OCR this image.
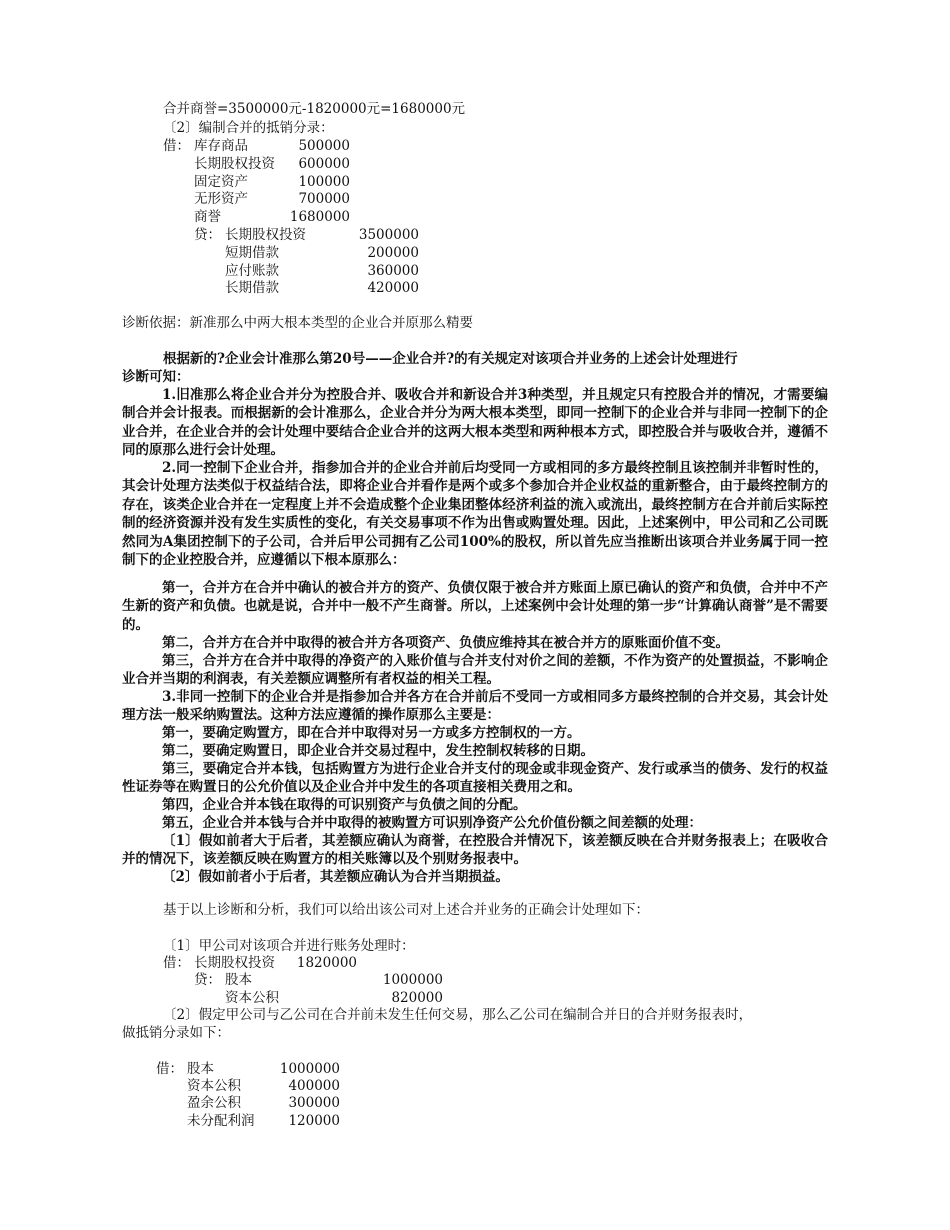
合并商誉=3500000元-1820000元=1680000元
〔2〕编制合并的抵销分录：
借： 库存商品	500000
长期股权投资 600000
固定资产	100000
无形资产	700000
商誉	1680000
贷： 长期股权投资	3500000
短期借款	200000
应付账款	360000
长期借款	420000
诊断依据：新准那么中两大根本类型的企业合并原那么精要
根据新的?企业会计准那么第20号——企业合并?的有关规定对该项合并业务的上述会计处理进行
诊断可知：
1.旧准那么将企业合并分为控股合并、吸收合并和新设合并3种类型，并且规定只有控股合并的情况，才需要编制合并会计报表。而根据新的会计准那么，企业合并分为两大根本类型，即同一控制下的企业合并与非同一控制下的企业合并，在企业合并的会计处理中要结合企业合并的这两大根本类型和两种根本方式，即控股合并与吸收合并，遵循不同的原那么进行会计处理。
2.同一控制下企业合并，指参加合并的企业合并前后均受同一方或相同的多方最终控制且该控制并非暂时性的，其会计处理方法类似于权益结合法，即将企业合并看作是两个或多个参加合并企业权益的重新整合，由于最终控制方的存在，该类企业合并在一定程度上并不会造成整个企业集团整体经济利益的流入或流出，最终控制方在合并前后实际控制的经济资源并没有发生实质性的变化，有关交易事项不作为出售或购置处理。因此，上述案例中，甲公司和乙公司既然同为A集团控制下的子公司，合并后甲公司拥有乙公司100%的股权，所以首先应当推断出该项合并业务属于同一控制下的企业控股合并，应遵循以下根本原那么：
第一，合并方在合并中确认的被合并方的资产、负债仅限于被合并方账面上原已确认的资产和负债，合并中不产生新的资产和负债。也就是说，合并中一般不产生商誉。所以，上述案例中会计处理的第一步“计算确认商誉”是不需要的。
第二，合并方在合并中取得的被合并方各项资产、负债应维持其在被合并方的原账面价值不变。
第三，合并方在合并中取得的净资产的入账价值与合并支付对价之间的差额，不作为资产的处置损益，不影响企业合并当期的利润表，有关差额应调整所有者权益的相关工程。
3.非同一控制下的企业合并是指参加合并各方在合并前后不受同一方或相同多方最终控制的合并交易，其会计处理方法一般采纳购置法。这种方法应遵循的操作原那么主要是：
第一，要确定购置方，即在合并中取得对另一方或多方控制权的一方。
第二，要确定购置日，即企业合并交易过程中，发生控制权转移的日期。
第三，要确定合并本钱，包括购置方为进行企业合并支付的现金或非现金资产、发行或承当的债务、发行的权益性证券等在购置日的公允价值以及企业合并中发生的各项直接相关费用之和。
第四，企业合并本钱在取得的可识别资产与负债之间的分配。
第五，企业合并本钱与合并中取得的被购置方可识别净资产公允价值份额之间差额的处理：
〔1〕假如前者大于后者，其差额应确认为商誉，在控股合并情况下，该差额反映在合并财务报表上；在吸收合并的情况下，该差额反映在购置方的相关账簿以及个别财务报表中。
〔2〕假如前者小于后者，其差额应确认为合并当期损益。
基于以上诊断和分析，我们可以给出该公司对上述合并业务的正确会计处理如下：
〔1〕甲公司对该项合并进行账务处理时：
借： 长期股权投资 1820000
贷： 股本	1000000
资本公积	820000
〔2〕假定甲公司与乙公司在合并前未发生任何交易，那么乙公司在编制合并日的合并财务报表时，
做抵销分录如下：
借： 股本	1000000
资本公积	400000
盈余公积	300000
未分配利润	120000
